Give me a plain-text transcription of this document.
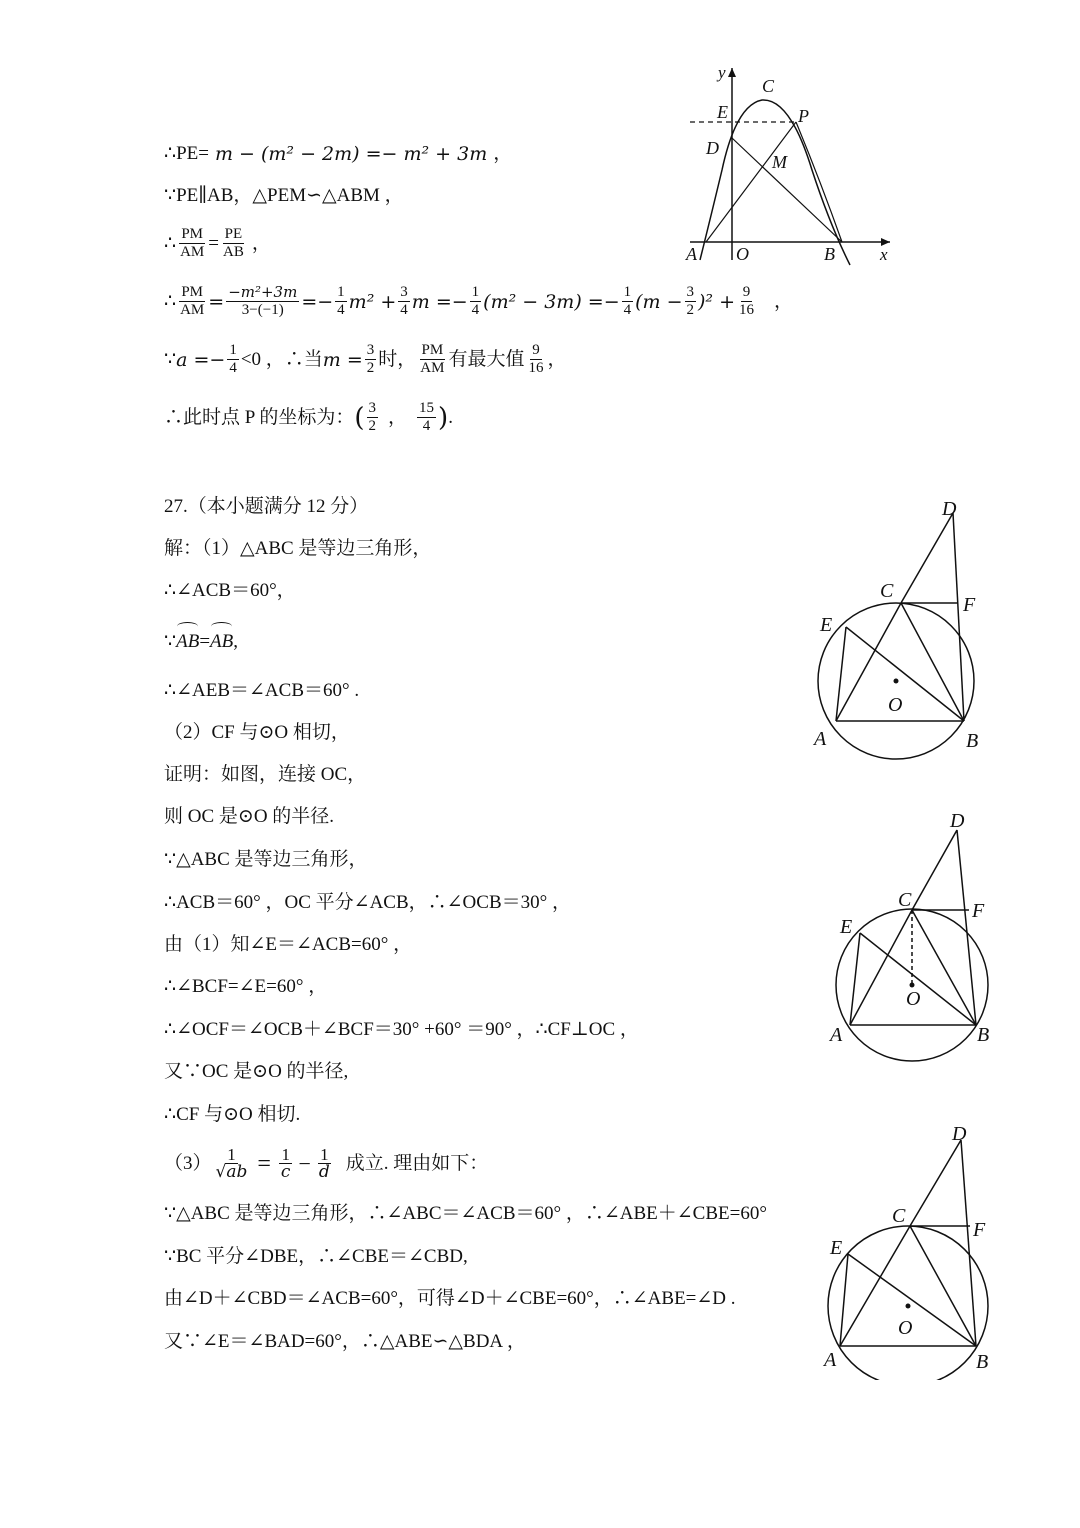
∴PE= m − (m² − 2m) =− m² + 3m ，
∵PE∥AB，△PEM∽△ABM ，
∴ $\frac{PM}{AM} = \frac{PE}{AB}$ ，
∴ $\frac{PM}{AM} = \frac{\text{−m²+3m}}{3-(-1)} =- \frac{1}{4} m^2 + \frac{3}{4}$ $m =- \frac{1}{4} (m^2 - 3m) =- \frac{1}{4} (m - \frac{3}{2} )^2 + \frac{9}{16}$ ，
∵ $a =- \frac{1}{4} <0$ ，∴当 $m = \frac{3}{2}$ 时， $\frac{PM}{AM}$ 有最大值 $\frac{9}{16}$ ，
∴此时点 P 的坐标为： ( $\frac{3}{2}$ ， $\frac{15}{4}$ ) .
y
C
E	P
D
M
A O	B	x
27.（本小题满分 12 分）
解：（1）△ABC 是等边三角形，
∴∠ACB＝60°，
∵ AB = AB ,
∴∠AEB＝∠ACB＝60° .
（2）CF 与⊙O 相切，
证明：如图，连接 OC，
则 OC 是⊙O 的半径.
∵△ABC 是等边三角形，
∴ACB＝60° ，OC 平分∠ACB，∴∠OCB＝30° ，
由（1）知∠E＝∠ACB=60° ，
∴∠BCF=∠E=60° ，
∴∠OCF＝∠OCB＋∠BCF＝30° +60° ＝90° ，∴CF⊥OC ，
又∵OC 是⊙O 的半径,
∴CF 与⊙O 相切.
$(3) \frac{1}{√ab} = \frac{1}{c} - \frac{1}{d}$ 成立. 理由如下：
∵△ABC 是等边三角形，∴∠ABC＝∠ACB＝60° ，∴∠ABE＋∠CBE=60°
∵BC 平分∠DBE，∴∠CBE＝∠CBD,
由∠D＋∠CBD＝∠ACB=60°，可得∠D＋∠CBE=60°，∴∠ABE=∠D .
又∵∠E＝∠BAD=60°，∴△ABE∽△BDA ，
D
C
F
E
O
A	B
D
C	F
E
O
A	B
D
C
F
E
O
A	B
